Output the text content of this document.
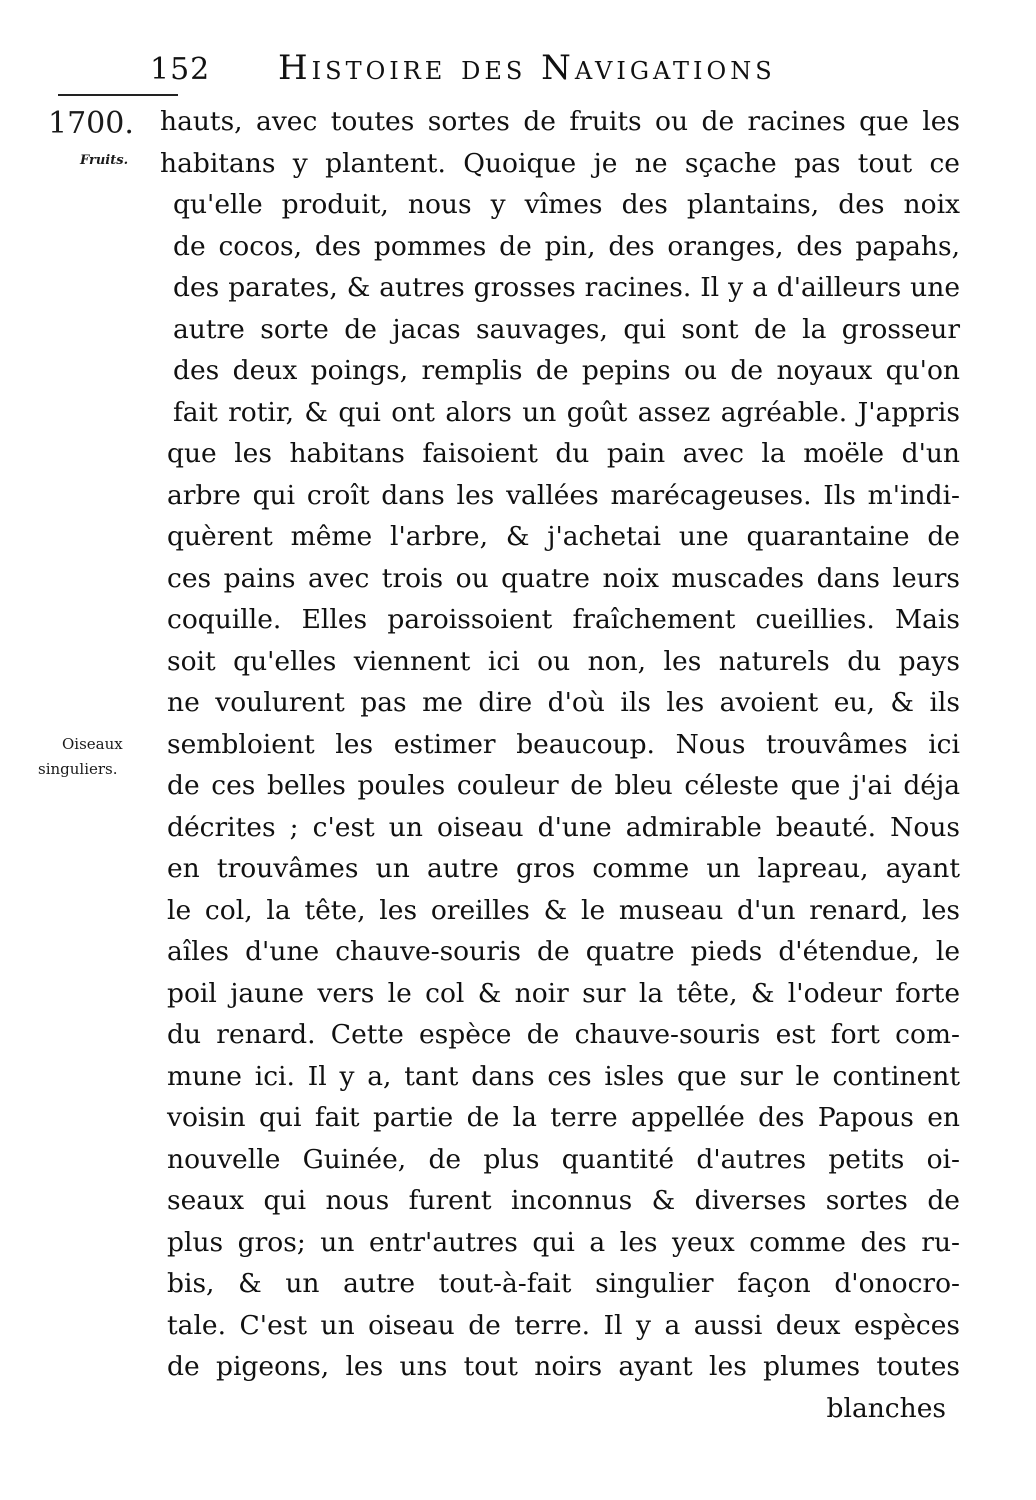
152 Histoire des Navigations
1700.
Fruits.
Oiseaux
singuliers.
hauts, avec toutes sortes de fruits ou de racines que les
habitans y plantent. Quoique je ne sçache pas tout ce
qu'elle produit, nous y vîmes des plantains, des noix
de cocos, des pommes de pin, des oranges, des papahs,
des parates, & autres grosses racines. Il y a d'ailleurs une
autre sorte de jacas sauvages, qui sont de la grosseur
des deux poings, remplis de pepins ou de noyaux qu'on
fait rotir, & qui ont alors un goût assez agréable. J'appris
que les habitans faisoient du pain avec la moële d'un
arbre qui croît dans les vallées marécageuses. Ils m'indi-
quèrent même l'arbre, & j'achetai une quarantaine de
ces pains avec trois ou quatre noix muscades dans leurs
coquille. Elles paroissoient fraîchement cueillies. Mais
soit qu'elles viennent ici ou non, les naturels du pays
ne voulurent pas me dire d'où ils les avoient eu, & ils
sembloient les estimer beaucoup. Nous trouvâmes ici
de ces belles poules couleur de bleu céleste que j'ai déja
décrites ; c'est un oiseau d'une admirable beauté. Nous
en trouvâmes un autre gros comme un lapreau, ayant
le col, la tête, les oreilles & le museau d'un renard, les
aîles d'une chauve-souris de quatre pieds d'étendue, le
poil jaune vers le col & noir sur la tête, & l'odeur forte
du renard. Cette espèce de chauve-souris est fort com-
mune ici. Il y a, tant dans ces isles que sur le continent
voisin qui fait partie de la terre appellée des Papous en
nouvelle Guinée, de plus quantité d'autres petits oi-
seaux qui nous furent inconnus & diverses sortes de
plus gros; un entr'autres qui a les yeux comme des ru-
bis, & un autre tout-à-fait singulier façon d'onocro-
tale. C'est un oiseau de terre. Il y a aussi deux espèces
de pigeons, les uns tout noirs ayant les plumes toutes
blanches
